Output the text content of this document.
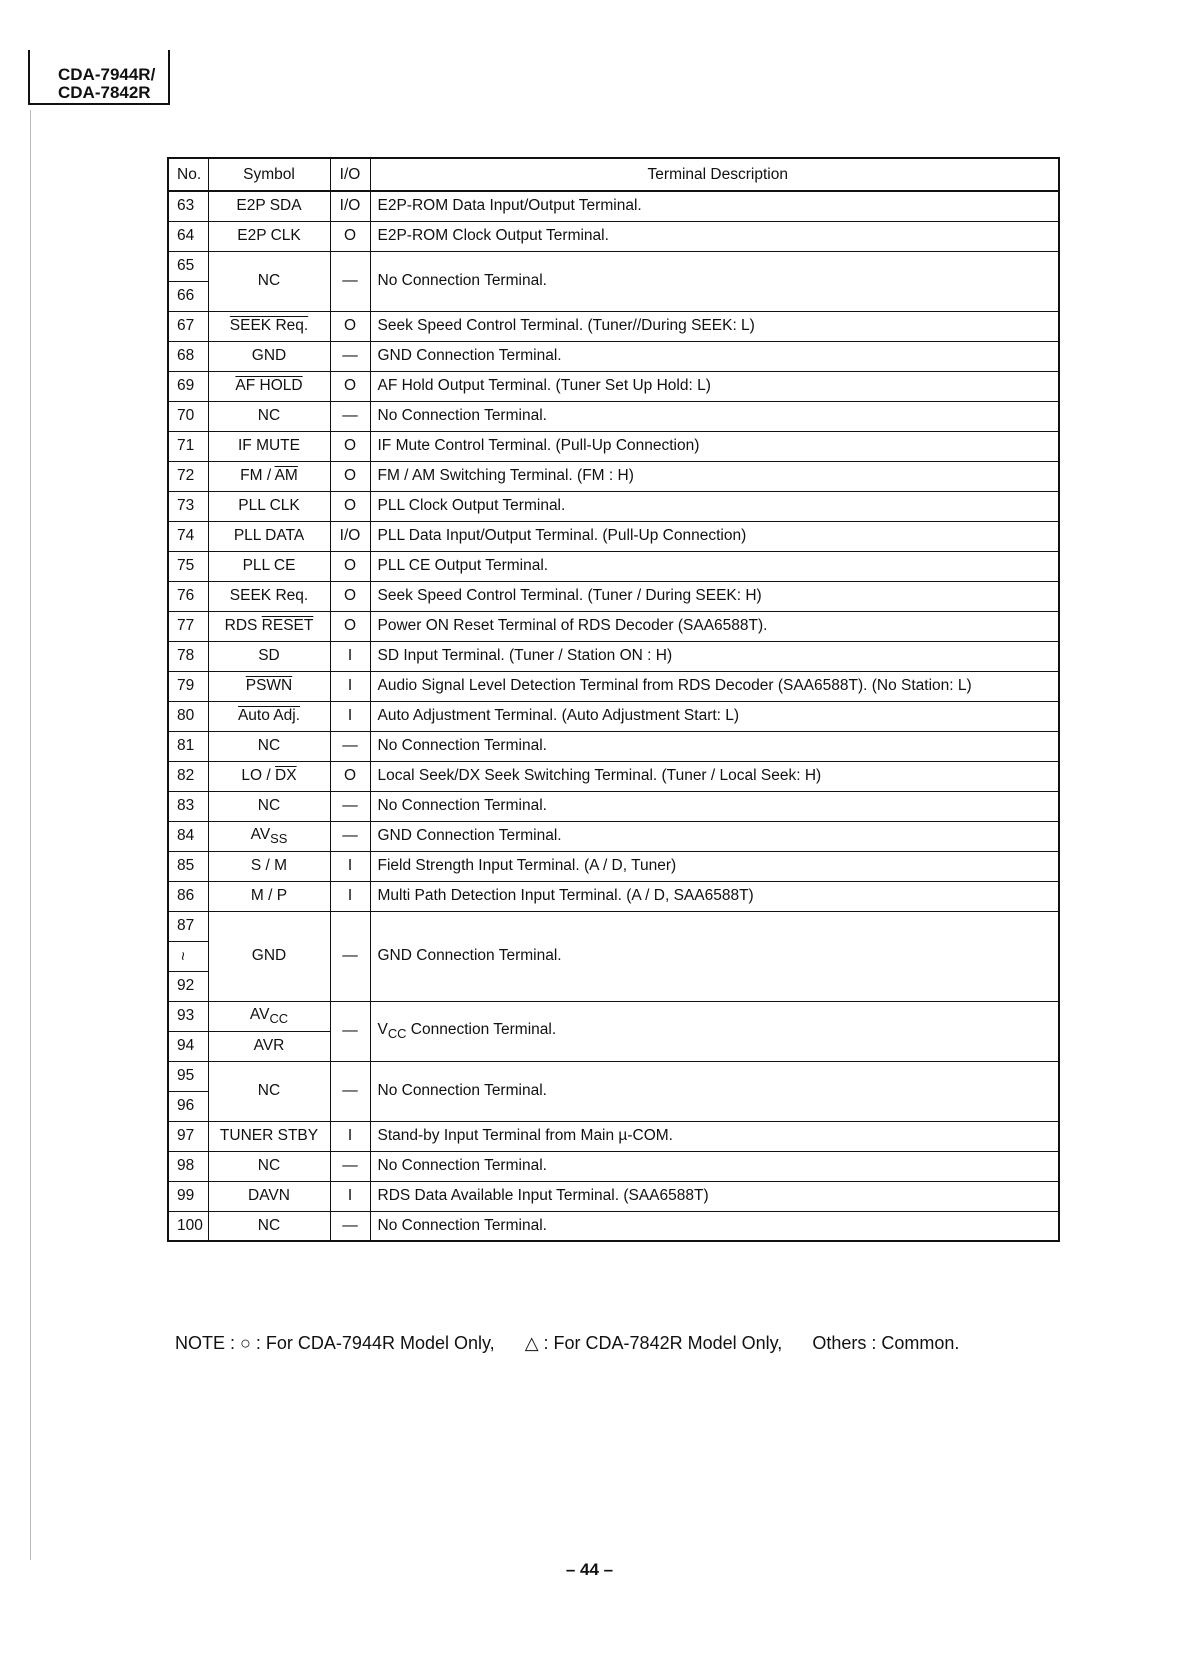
CDA-7944R/
CDA-7842R
No.	Symbol	I/O	Terminal Description
63	E2P SDA	I/O	E2P-ROM Data Input/Output Terminal.
64	E2P CLK	O	E2P-ROM Clock Output Terminal.
65	NC	—	No Connection Terminal.
66			
67	SEEK Req.	O	Seek Speed Control Terminal. (Tuner//During SEEK: L)
68	GND	—	GND Connection Terminal.
69	AF HOLD	O	AF Hold Output Terminal. (Tuner Set Up Hold: L)
70	NC	—	No Connection Terminal.
71	IF MUTE	O	IF Mute Control Terminal. (Pull-Up Connection)
72	FM / $\overline{AM}$	O	FM / AM Switching Terminal. (FM : H)
73	PLL CLK	O	PLL Clock Output Terminal.
74	PLL DATA	I/O	PLL Data Input/Output Terminal. (Pull-Up Connection)
75	PLL CE	O	PLL CE Output Terminal.
76	SEEK Req.	O	Seek Speed Control Terminal. (Tuner / During SEEK: H)
77	RDS RESET	O	Power ON Reset Terminal of RDS Decoder (SAA6588T).
78	SD	I	SD Input Terminal. (Tuner / Station ON : H)
79	PSWN	I	Audio Signal Level Detection Terminal from RDS Decoder (SAA6588T). (No Station: L)
80	Auto Adj.	I	Auto Adjustment Terminal. (Auto Adjustment Start: L)
81	NC	—	No Connection Terminal.
82	LO / $\overline{DX}$	O	Local Seek/DX Seek Switching Terminal. (Tuner / Local Seek: H)
83	NC	—	No Connection Terminal.
84	$AV_{SS}$	—	GND Connection Terminal.
85	S / M	I	Field Strength Input Terminal. (A / D, Tuner)
86	M / P	I	Multi Path Detection Input Terminal. (A / D, SAA6588T)
87	GND	—	GND Connection Terminal.
~			
92			
93	$AV_{CC}$	—	$V_{CC}$ Connection Terminal.
94	AVR		
95	NC	—	No Connection Terminal.
96			
97	TUNER STBY	I	Stand-by Input Terminal from Main µ-COM.
98	NC	—	No Connection Terminal.
99	DAVN	I	RDS Data Available Input Terminal. (SAA6588T)
100	NC	—	No Connection Terminal.
NOTE : ○ : For CDA-7944R Model Only, △ : For CDA-7842R Model Only, Others : Common.
– 44 –
